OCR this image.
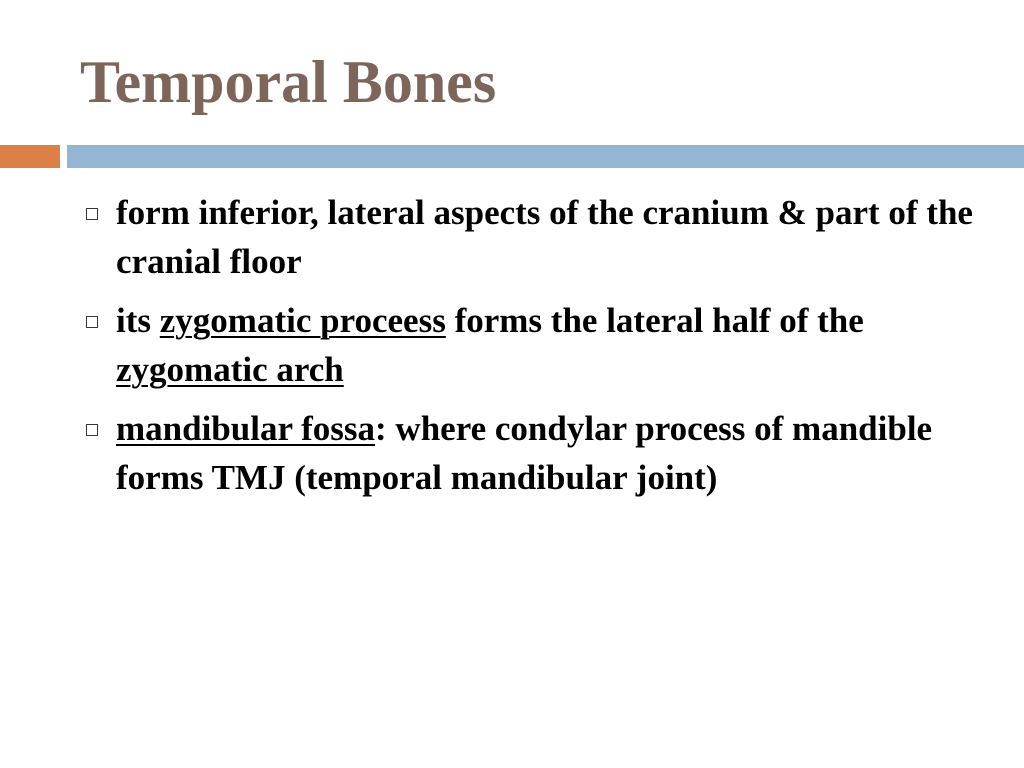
Temporal Bones
form inferior, lateral aspects of the cranium & part of the cranial floor
its zygomatic proceess forms the lateral half of the zygomatic arch
mandibular fossa: where condylar process of mandible forms TMJ (temporal mandibular joint)
